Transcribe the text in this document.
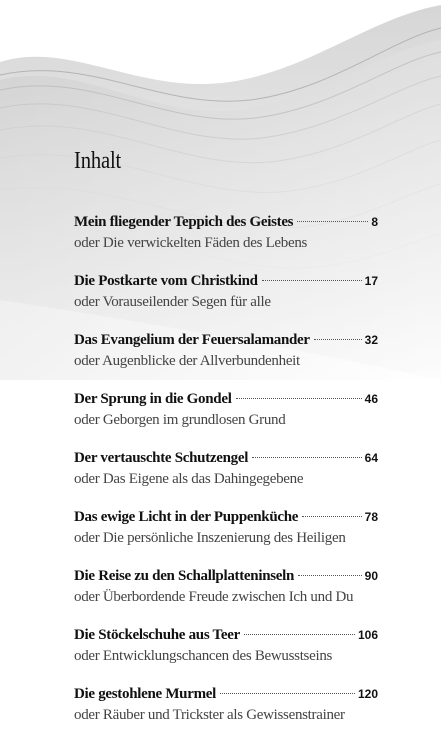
Inhalt
Mein fliegender Teppich des Geistes	8
oder Die verwickelten Fäden des Lebens
Die Postkarte vom Christkind	17
oder Vorauseilender Segen für alle
Das Evangelium der Feuersalamander	32
oder Augenblicke der Allverbundenheit
Der Sprung in die Gondel	46
oder Geborgen im grundlosen Grund
Der vertauschte Schutzengel	64
oder Das Eigene als das Dahingegebene
Das ewige Licht in der Puppenküche	78
oder Die persönliche Inszenierung des Heiligen
Die Reise zu den Schallplatteninseln	90
oder Überbordende Freude zwischen Ich und Du
Die Stöckelschuhe aus Teer	106
oder Entwicklungschancen des Bewusstseins
Die gestohlene Murmel	120
oder Räuber und Trickster als Gewissenstrainer
